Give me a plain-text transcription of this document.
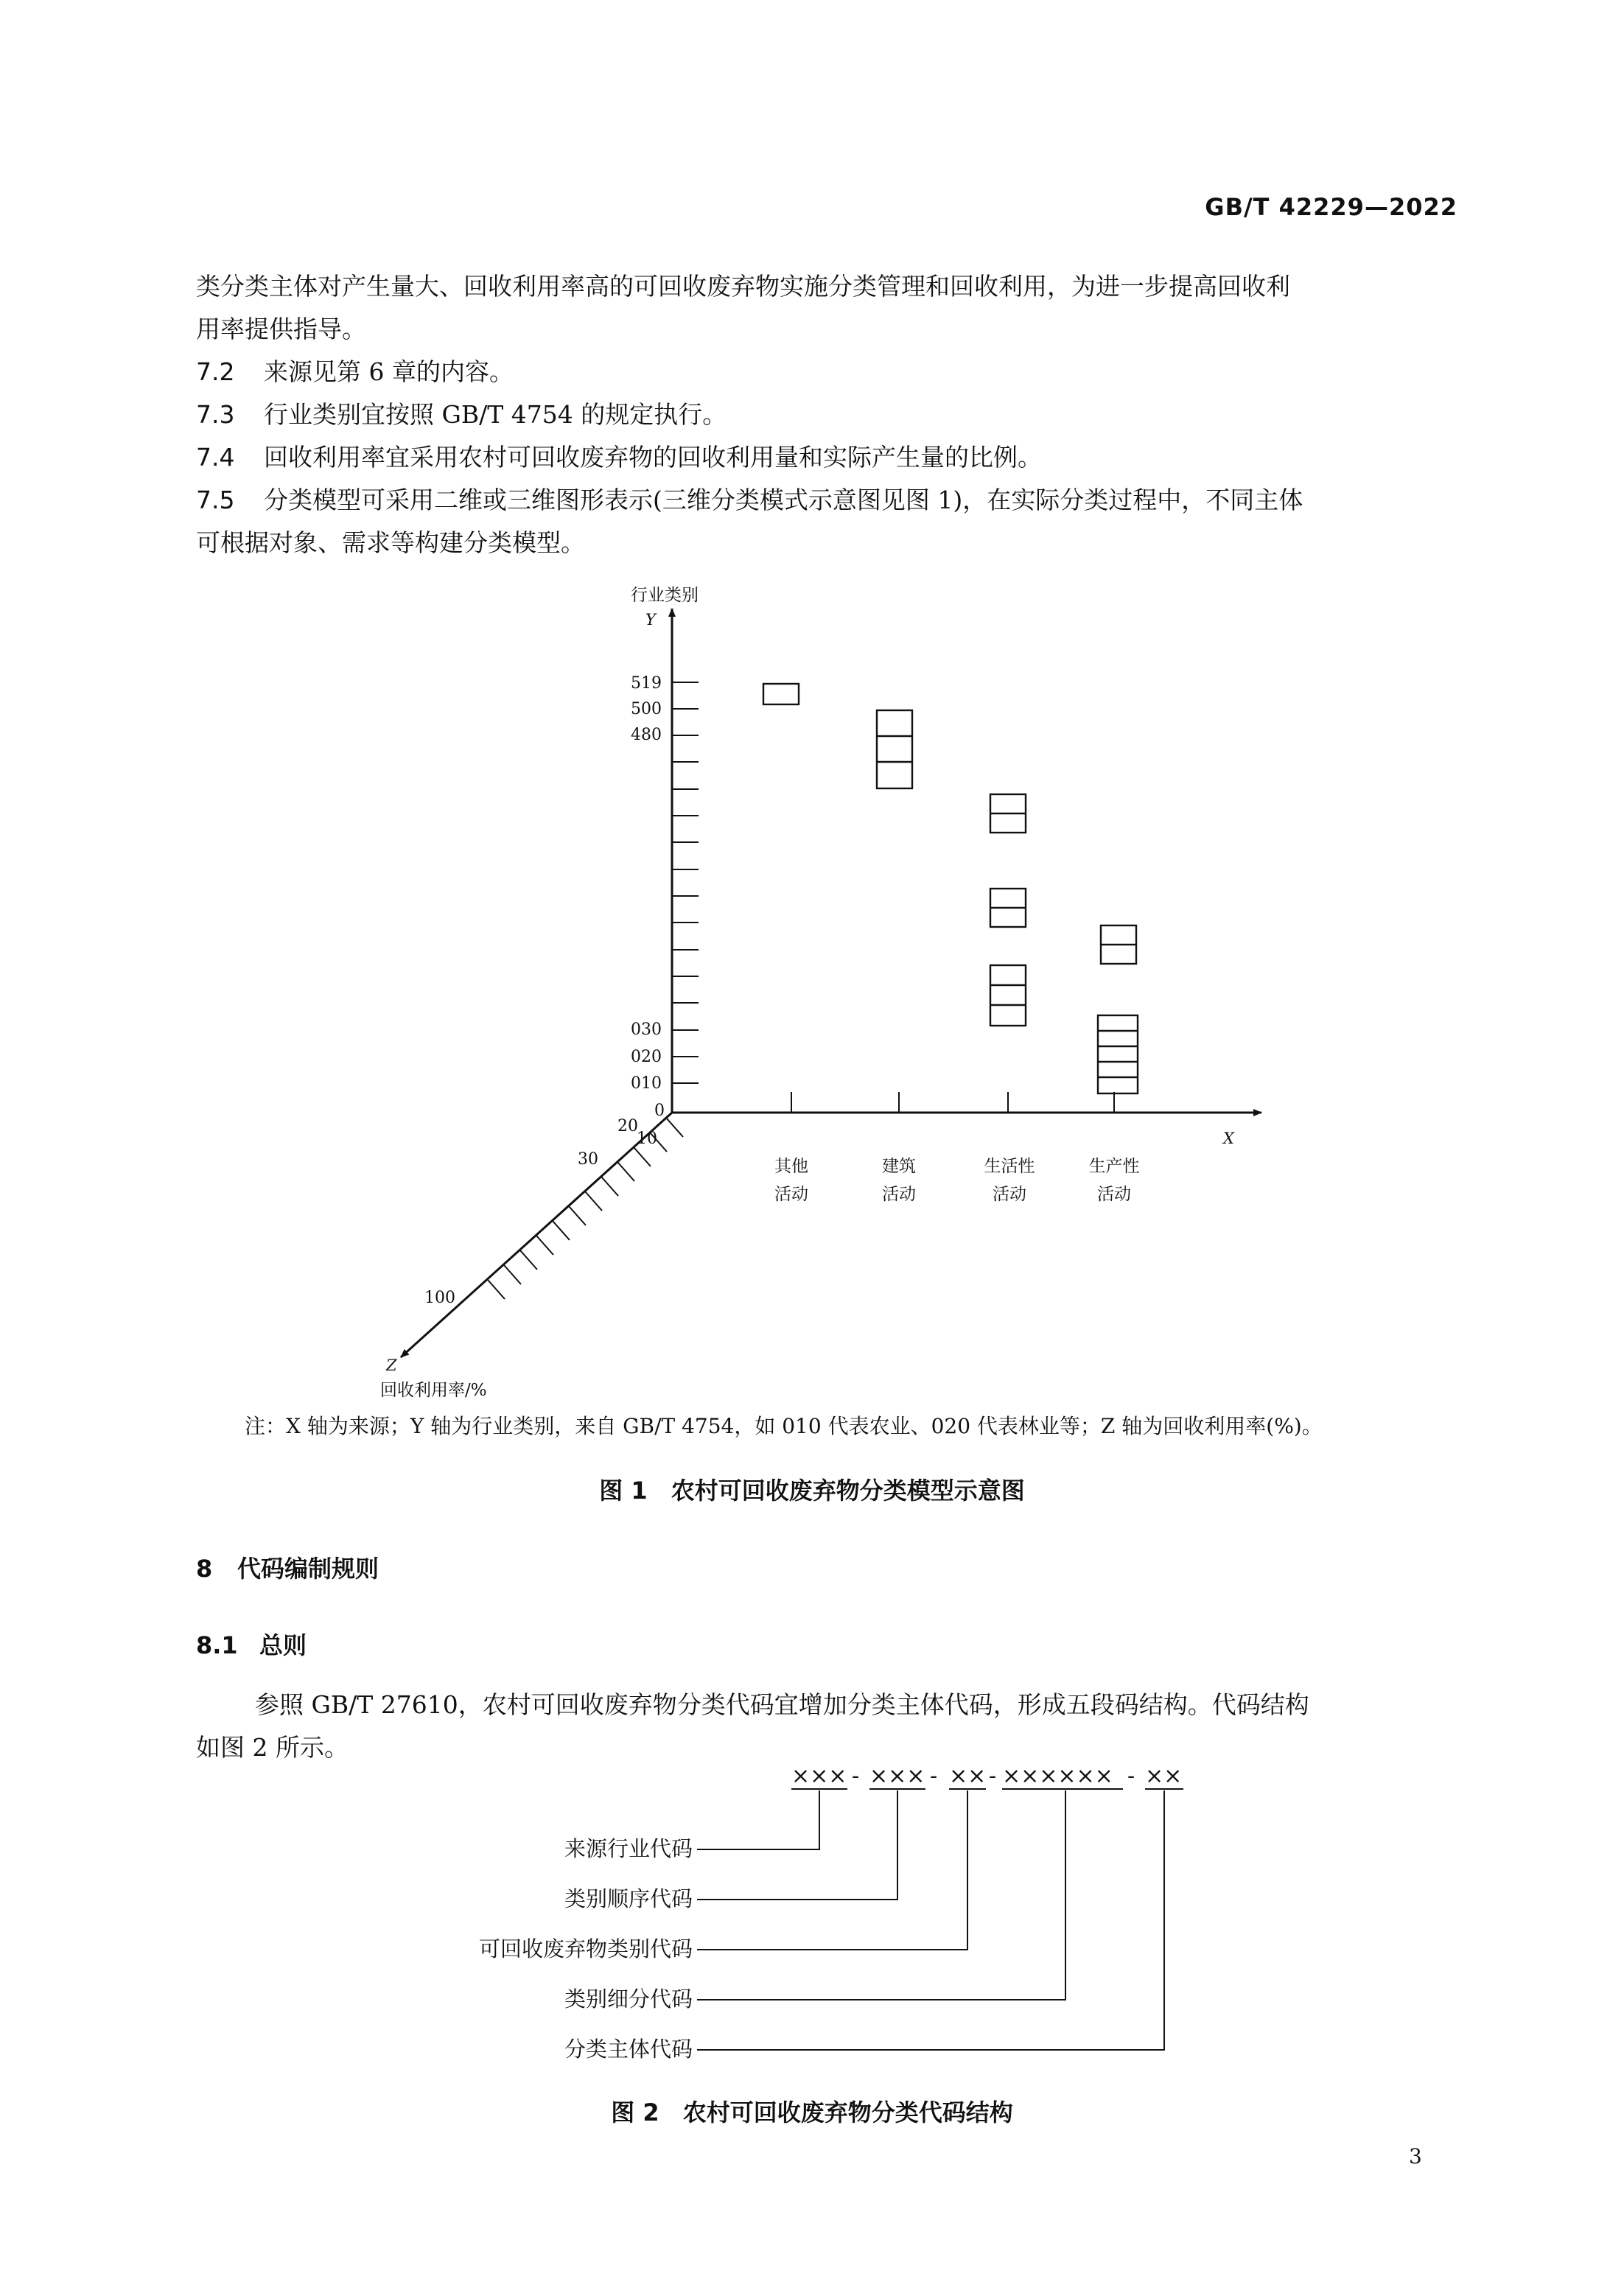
GB/T 42229—2022
类分类主体对产生量大、回收利用率高的可回收废弃物实施分类管理和回收利用，为进一步提高回收利
用率提供指导。
7.2 来源见第 6 章的内容。
7.3 行业类别宜按照 GB/T 4754 的规定执行。
7.4 回收利用率宜采用农村可回收废弃物的回收利用量和实际产生量的比例。
7.5 分类模型可采用二维或三维图形表示(三维分类模式示意图见图 1)，在实际分类过程中，不同主体
可根据对象、需求等构建分类模型。
行业类别
Y
519
500
480
030
020
010
0
X
其他
活动
建筑
活动
生活性
活动
生产性
活动
10
20
30
100
Z
回收利用率/%
注：X 轴为来源；Y 轴为行业类别，来自 GB/T 4754，如 010 代表农业、020 代表林业等；Z 轴为回收利用率(%)。
图 1　农村可回收废弃物分类模型示意图
8 代码编制规则
8.1 总则
参照 GB/T 27610，农村可回收废弃物分类代码宜增加分类主体代码，形成五段码结构。代码结构
如图 2 所示。
××× - ××× - ×× - ×××××× - ××
来源行业代码
类别顺序代码
可回收废弃物类别代码
类别细分代码
分类主体代码
图 2　农村可回收废弃物分类代码结构
3
